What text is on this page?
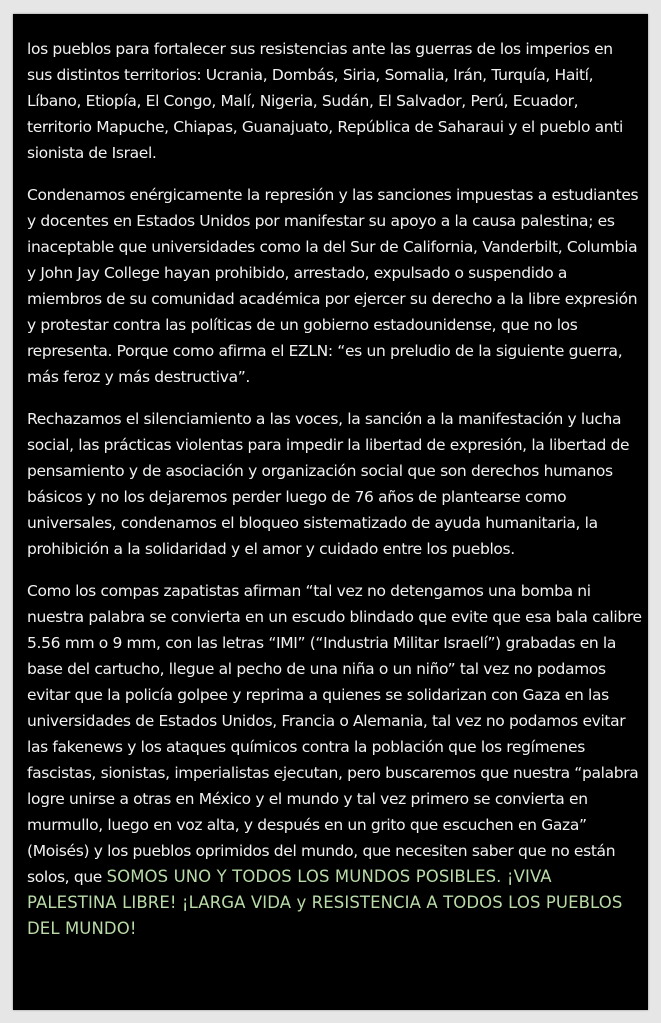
los pueblos para fortalecer sus resistencias ante las guerras de los imperios en sus distintos territorios: Ucrania, Dombás, Siria, Somalia, Irán, Turquía, Haití, Líbano, Etiopía, El Congo, Malí, Nigeria, Sudán, El Salvador, Perú, Ecuador, territorio Mapuche, Chiapas, Guanajuato, República de Saharaui y el pueblo anti sionista de Israel.

Condenamos enérgicamente la represión y las sanciones impuestas a estudiantes y docentes en Estados Unidos por manifestar su apoyo a la causa palestina; es inaceptable que universidades como la del Sur de California, Vanderbilt, Columbia y John Jay College hayan prohibido, arrestado, expulsado o suspendido a miembros de su comunidad académica por ejercer su derecho a la libre expresión y protestar contra las políticas de un gobierno estadounidense, que no los representa. Porque como afirma el EZLN: “es un preludio de la siguiente guerra, más feroz y más destructiva”.

Rechazamos el silenciamiento a las voces, la sanción a la manifestación y lucha social, las prácticas violentas para impedir la libertad de expresión, la libertad de pensamiento y de asociación y organización social que son derechos humanos básicos y no los dejaremos perder luego de 76 años de plantearse como universales, condenamos el bloqueo sistematizado de ayuda humanitaria, la prohibición a la solidaridad y el amor y cuidado entre los pueblos.

Como los compas zapatistas afirman “tal vez no detengamos una bomba ni nuestra palabra se convierta en un escudo blindado que evite que esa bala calibre 5.56 mm o 9 mm, con las letras “IMI” (“Industria Militar Israelí”) grabadas en la base del cartucho, llegue al pecho de una niña o un niño” tal vez no podamos evitar que la policía golpee y reprima a quienes se solidarizan con Gaza en las universidades de Estados Unidos, Francia o Alemania, tal vez no podamos evitar las fakenews y los ataques químicos contra la población que los regímenes fascistas, sionistas, imperialistas ejecutan, pero buscaremos que nuestra “palabra logre unirse a otras en México y el mundo y tal vez primero se convierta en murmullo, luego en voz alta, y después en un grito que escuchen en Gaza” (Moisés) y los pueblos oprimidos del mundo, que necesiten saber que no están solos, que SOMOS UNO Y TODOS LOS MUNDOS POSIBLES. ¡VIVA PALESTINA LIBRE! ¡LARGA VIDA y RESISTENCIA A TODOS LOS PUEBLOS DEL MUNDO!
